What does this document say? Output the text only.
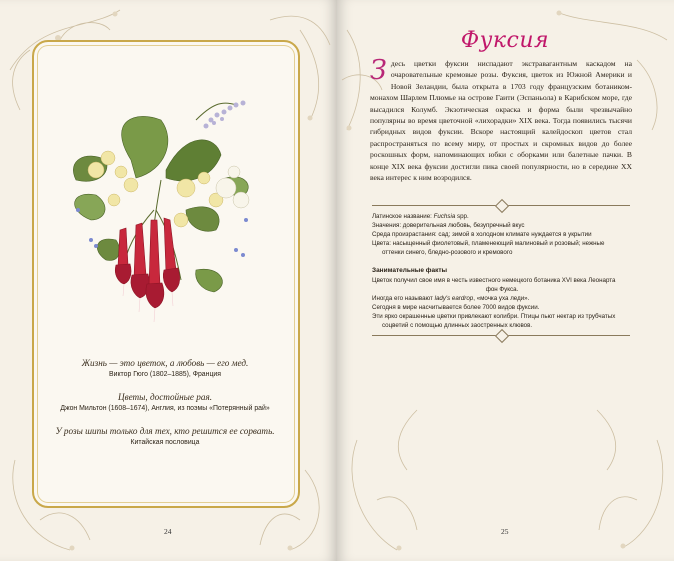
Жизнь — это цветок, а любовь — его мед.

Виктор Гюго (1802–1885), Франция

Цветы, достойные рая.

Джон Мильтон (1608–1674), Англия, из поэмы «Потерянный рай»

У розы шипы только для тех, кто решится ее сорвать.

Китайская пословица

24
Фуксия
Здесь цветки фуксии ниспадают экстравагантным каскадом на очаровательные кремовые розы. Фуксия, цветок из Южной Америки и Новой Зеландии, была открыта в 1703 году французским ботаником-монахом Шарлем Плюмье на острове Гаити (Эспаньола) в Карибском море, где высадился Колумб. Экзотическая окраска и форма были чрезвычайно популярны во время цветочной «лихорадки» XIX века. Тогда появились тысячи гибридных видов фуксии. Вскоре настоящий калейдоскоп цветов стал распространяться по всему миру, от простых и скромных видов до более роскошных форм, напоминающих юбки с оборками или балетные пачки. В конце XIX века фуксии достигли пика своей популярности, но в середине XX века интерес к ним возродился.

Латинское название: Fuchsia spp.

Значения: доверительная любовь, безупречный вкус

Среда произрастания: сад; зимой в холодном климате нуждается в укрытии

Цвета: насыщенный фиолетовый, пламенеющий малиновый и розовый; нежные

оттенки синего, бледно-розового и кремового

Занимательные факты

Цветок получил свое имя в честь известного немецкого ботаника XVI века Леонарта

фон Фукса.

Иногда его называют lady's eardrop, «мочка уха леди».

Сегодня в мире насчитывается более 7000 видов фуксии.

Эти ярко окрашенные цветки привлекают колибри. Птицы пьют нектар из трубчатых

соцветий с помощью длинных заостренных клювов.

25
